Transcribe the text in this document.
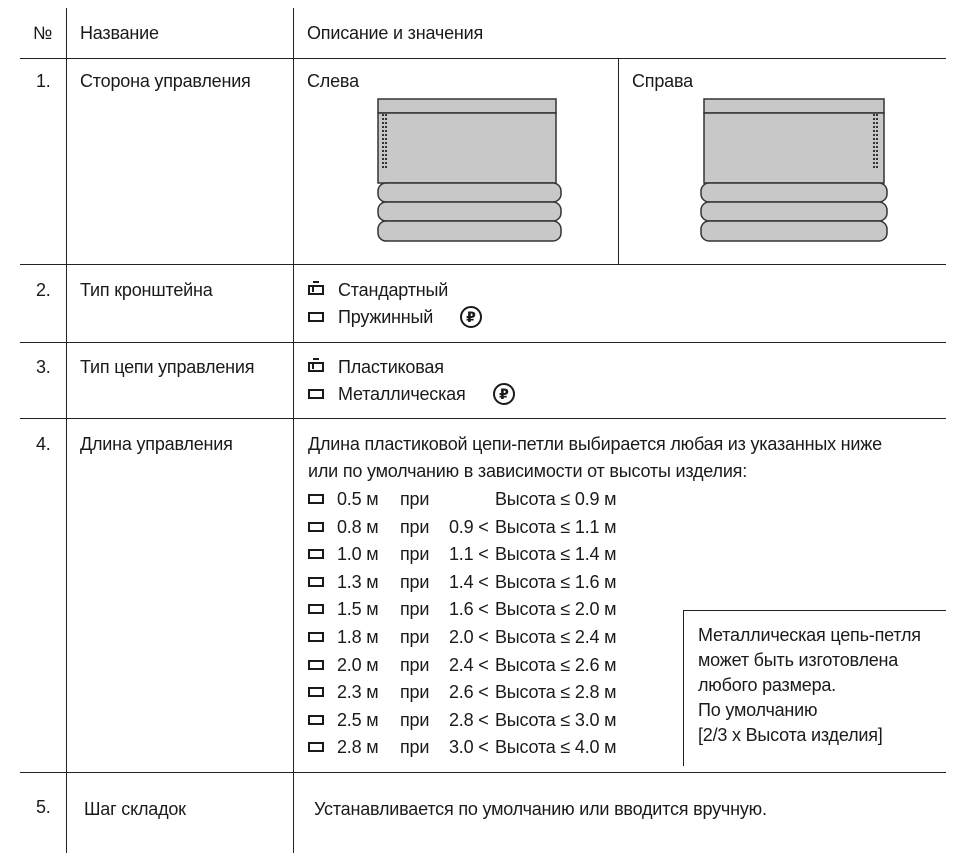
№ Название	Описание и значения
1. Сторона управления	Слева	Справа
2. Тип кронштейна	Стандартный
Пружинный	₽
3. Тип цепи управления	Пластиковая
Металлическая	₽
4. Длина управления	Длина пластиковой цепи-петли выбирается любая из указанных ниже
или по умолчанию в зависимости от высоты изделия:
0.5 м при	Высота ≤ 0.9 м
0.8 м при 0.9 < Высота ≤ 1.1 м
1.0 м при 1.1 < Высота ≤ 1.4 м
1.3 м при 1.4 < Высота ≤ 1.6 м
1.5 м при 1.6 < Высота ≤ 2.0 м
1.8 м при 2.0 < Высота ≤ 2.4 м
2.0 м при 2.4 < Высота ≤ 2.6 м
2.3 м при 2.6 < Высота ≤ 2.8 м
2.5 м при 2.8 < Высота ≤ 3.0 м
2.8 м при 3.0 < Высота ≤ 4.0 м
Металлическая цепь-петля
может быть изготовлена
любого размера.
По умолчанию
[2/3 х Высота изделия]
5. Шаг складок	Устанавливается по умолчанию или вводится вручную.
